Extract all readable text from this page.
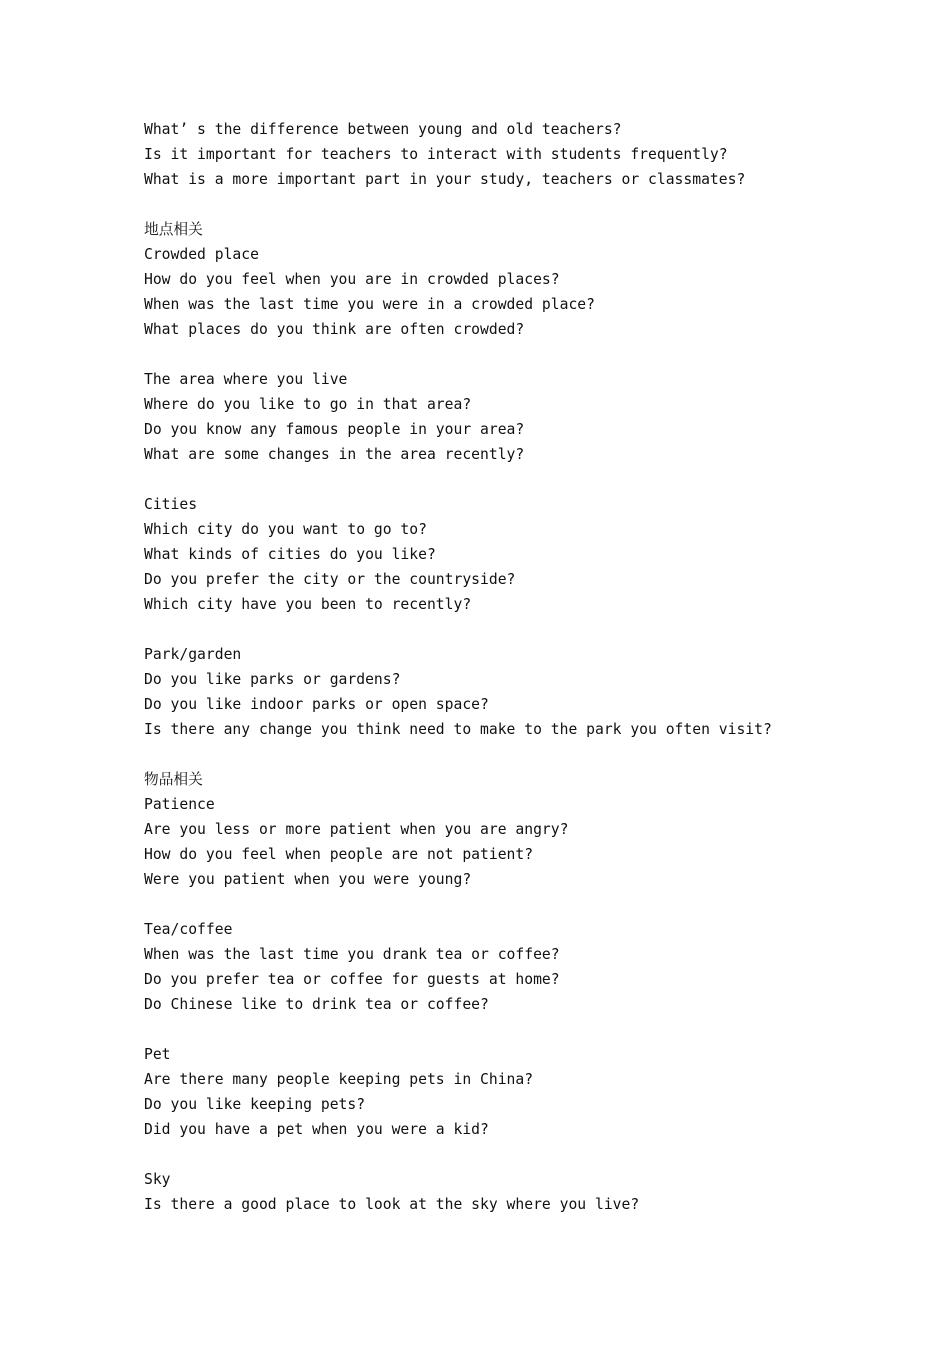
What’ s the difference between young and old teachers?
Is it important for teachers to interact with students frequently?
What is a more important part in your study, teachers or classmates?
地点相关
Crowded place
How do you feel when you are in crowded places?
When was the last time you were in a crowded place?
What places do you think are often crowded?
The area where you live
Where do you like to go in that area?
Do you know any famous people in your area?
What are some changes in the area recently?
Cities
Which city do you want to go to?
What kinds of cities do you like?
Do you prefer the city or the countryside?
Which city have you been to recently?
Park/garden
Do you like parks or gardens?
Do you like indoor parks or open space?
Is there any change you think need to make to the park you often visit?
物品相关
Patience
Are you less or more patient when you are angry?
How do you feel when people are not patient?
Were you patient when you were young?
Tea/coffee
When was the last time you drank tea or coffee?
Do you prefer tea or coffee for guests at home?
Do Chinese like to drink tea or coffee?
Pet
Are there many people keeping pets in China?
Do you like keeping pets?
Did you have a pet when you were a kid?
Sky
Is there a good place to look at the sky where you live?
